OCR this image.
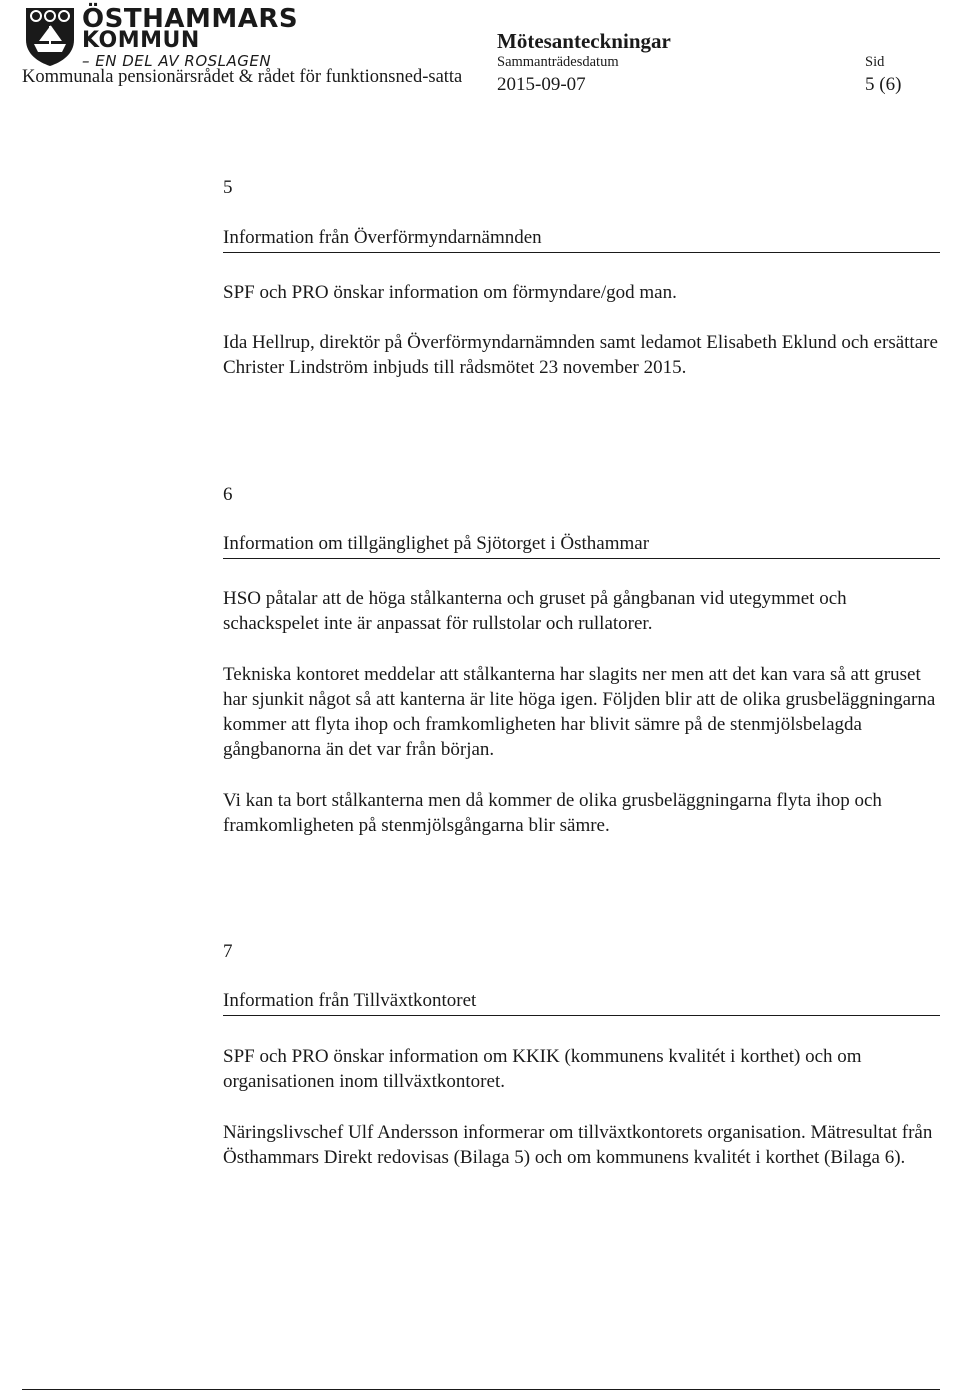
ÖSTHAMMARS
KOMMUN
– EN DEL AV ROSLAGEN
Kommunala pensionärsrådet & rådet för funktionsned-satta
Mötesanteckningar
Sammanträdesdatum	Sid
2015-09-07	5 (6)
5
Information från Överförmyndarnämnden

SPF och PRO önskar information om förmyndare/god man.

Ida Hellrup, direktör på Överförmyndarnämnden samt ledamot Elisabeth Eklund och ersättare Christer Lindström inbjuds till rådsmötet 23 november 2015.

6
Information om tillgänglighet på Sjötorget i Östhammar

HSO påtalar att de höga stålkanterna och gruset på gångbanan vid utegymmet och schackspelet inte är anpassat för rullstolar och rullatorer.

Tekniska kontoret meddelar att stålkanterna har slagits ner men att det kan vara så att gruset har sjunkit något så att kanterna är lite höga igen. Följden blir att de olika grusbeläggningarna kommer att flyta ihop och framkomligheten har blivit sämre på de stenmjölsbelagda gångbanorna än det var från början.

Vi kan ta bort stålkanterna men då kommer de olika grusbeläggningarna flyta ihop och framkomligheten på stenmjölsgångarna blir sämre.

7
Information från Tillväxtkontoret

SPF och PRO önskar information om KKIK (kommunens kvalitét i korthet) och om organisationen inom tillväxtkontoret.

Näringslivschef Ulf Andersson informerar om tillväxtkontorets organisation. Mätresultat från Östhammars Direkt redovisas (Bilaga 5) och om kommunens kvalitét i korthet (Bilaga 6).
